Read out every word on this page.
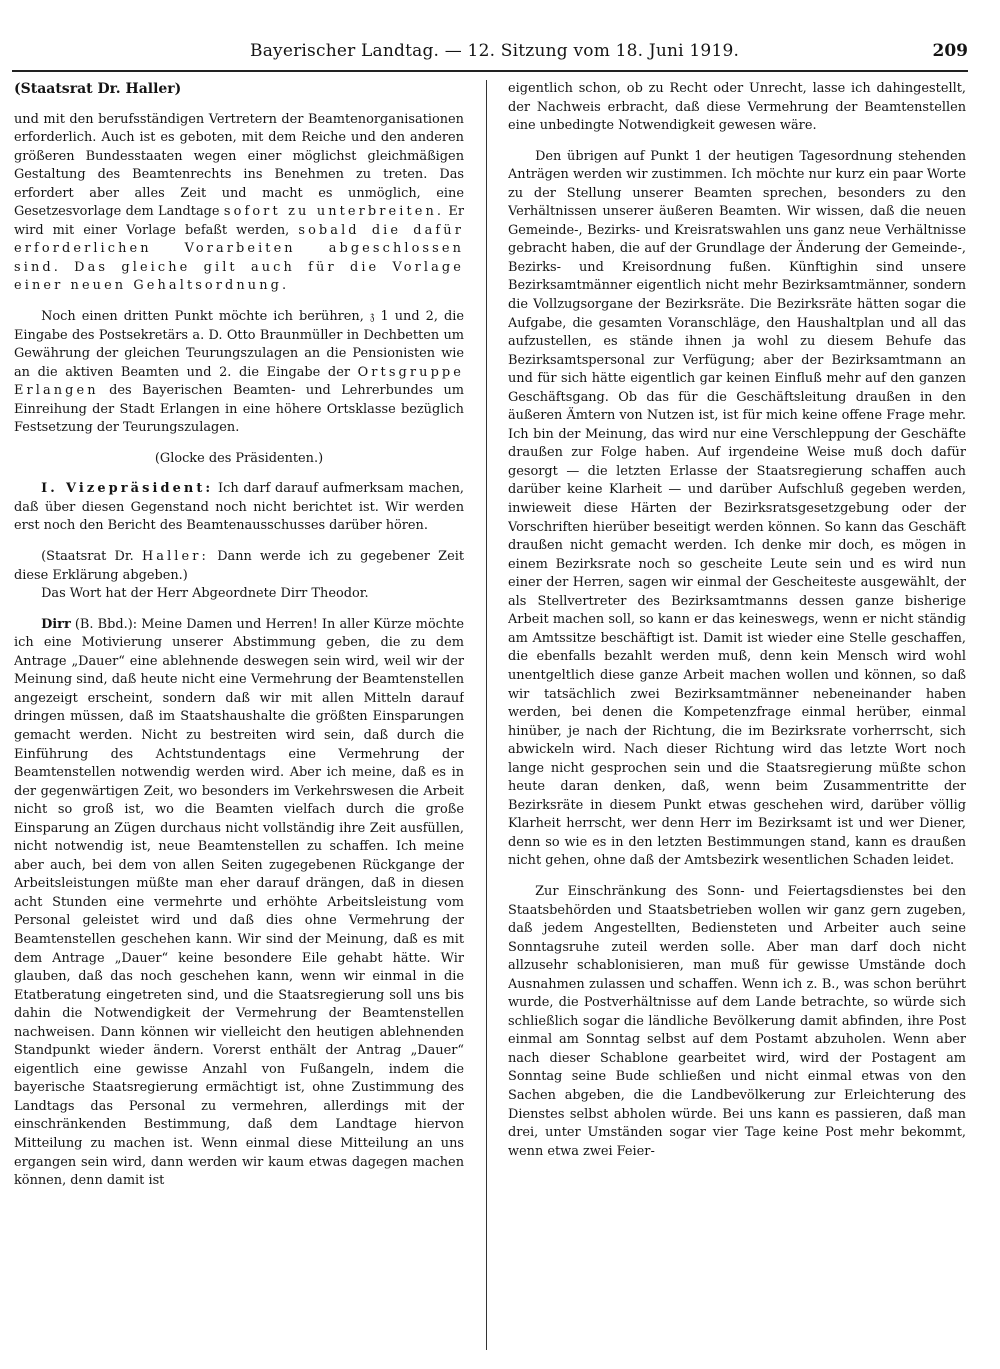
Bayerischer Landtag. — 12. Sitzung vom 18. Juni 1919.	209

(Staatsrat Dr. Haller)

und mit den berufsständigen Vertretern der Beamtenorganisationen erforderlich. Auch ist es geboten, mit dem Reiche und den anderen größeren Bundesstaaten wegen einer möglichst gleichmäßigen Gestaltung des Beamtenrechts ins Benehmen zu treten. Das erfordert aber alles Zeit und macht es unmöglich, eine Gesetzesvorlage dem Landtage sofort zu unterbreiten. Er wird mit einer Vorlage befaßt werden, sobald die dafür erforderlichen Vorarbeiten abgeschlossen sind. Das gleiche gilt auch für die Vorlage einer neuen Gehaltsordnung.

Noch einen dritten Punkt möchte ich berühren, 𝔷 1 und 2, die Eingabe des Postsekretärs a. D. Otto Braunmüller in Dechbetten um Gewährung der gleichen Teurungszulagen an die Pensionisten wie an die aktiven Beamten und 2. die Eingabe der Ortsgruppe Erlangen des Bayerischen Beamten- und Lehrerbundes um Einreihung der Stadt Erlangen in eine höhere Ortsklasse bezüglich Festsetzung der Teurungszulagen.

(Glocke des Präsidenten.)

I. Vizepräsident: Ich darf darauf aufmerksam machen, daß über diesen Gegenstand noch nicht berichtet ist. Wir werden erst noch den Bericht des Beamtenausschusses darüber hören.

(Staatsrat Dr. Haller: Dann werde ich zu gegebener Zeit diese Erklärung abgeben.)

Das Wort hat der Herr Abgeordnete Dirr Theodor.

Dirr (B. Bbd.): Meine Damen und Herren! In aller Kürze möchte ich eine Motivierung unserer Abstimmung geben, die zu dem Antrage „Dauer“ eine ablehnende deswegen sein wird, weil wir der Meinung sind, daß heute nicht eine Vermehrung der Beamtenstellen angezeigt erscheint, sondern daß wir mit allen Mitteln darauf dringen müssen, daß im Staatshaushalte die größten Einsparungen gemacht werden. Nicht zu bestreiten wird sein, daß durch die Einführung des Achtstundentags eine Vermehrung der Beamtenstellen notwendig werden wird. Aber ich meine, daß es in der gegenwärtigen Zeit, wo besonders im Verkehrswesen die Arbeit nicht so groß ist, wo die Beamten vielfach durch die große Einsparung an Zügen durchaus nicht vollständig ihre Zeit ausfüllen, nicht notwendig ist, neue Beamtenstellen zu schaffen. Ich meine aber auch, bei dem von allen Seiten zugegebenen Rückgange der Arbeitsleistungen müßte man eher darauf drängen, daß in diesen acht Stunden eine vermehrte und erhöhte Arbeitsleistung vom Personal geleistet wird und daß dies ohne Vermehrung der Beamtenstellen geschehen kann. Wir sind der Meinung, daß es mit dem Antrage „Dauer“ keine besondere Eile gehabt hätte. Wir glauben, daß das noch geschehen kann, wenn wir einmal in die Etatberatung eingetreten sind, und die Staatsregierung soll uns bis dahin die Notwendigkeit der Vermehrung der Beamtenstellen nachweisen. Dann können wir vielleicht den heutigen ablehnenden Standpunkt wieder ändern. Vorerst enthält der Antrag „Dauer“ eigentlich eine gewisse Anzahl von Fußangeln, indem die bayerische Staatsregierung ermächtigt ist, ohne Zustimmung des Landtags das Personal zu vermehren, allerdings mit der einschränkenden Bestimmung, daß dem Landtage hiervon Mitteilung zu machen ist. Wenn einmal diese Mitteilung an uns ergangen sein wird, dann werden wir kaum etwas dagegen machen können, denn damit ist

eigentlich schon, ob zu Recht oder Unrecht, lasse ich dahingestellt, der Nachweis erbracht, daß diese Vermehrung der Beamtenstellen eine unbedingte Notwendigkeit gewesen wäre.

Den übrigen auf Punkt 1 der heutigen Tagesordnung stehenden Anträgen werden wir zustimmen. Ich möchte nur kurz ein paar Worte zu der Stellung unserer Beamten sprechen, besonders zu den Verhältnissen unserer äußeren Beamten. Wir wissen, daß die neuen Gemeinde-, Bezirks- und Kreisratswahlen uns ganz neue Verhältnisse gebracht haben, die auf der Grundlage der Änderung der Gemeinde-, Bezirks- und Kreisordnung fußen. Künftighin sind unsere Bezirksamtmänner eigentlich nicht mehr Bezirksamtmänner, sondern die Vollzugsorgane der Bezirksräte. Die Bezirksräte hätten sogar die Aufgabe, die gesamten Voranschläge, den Haushaltplan und all das aufzustellen, es stände ihnen ja wohl zu diesem Behufe das Bezirksamtspersonal zur Verfügung; aber der Bezirksamtmann an und für sich hätte eigentlich gar keinen Einfluß mehr auf den ganzen Geschäftsgang. Ob das für die Geschäftsleitung draußen in den äußeren Ämtern von Nutzen ist, ist für mich keine offene Frage mehr. Ich bin der Meinung, das wird nur eine Verschleppung der Geschäfte draußen zur Folge haben. Auf irgendeine Weise muß doch dafür gesorgt — die letzten Erlasse der Staatsregierung schaffen auch darüber keine Klarheit — und darüber Aufschluß gegeben werden, inwieweit diese Härten der Bezirksratsgesetzgebung oder der Vorschriften hierüber beseitigt werden können. So kann das Geschäft draußen nicht gemacht werden. Ich denke mir doch, es mögen in einem Bezirksrate noch so gescheite Leute sein und es wird nun einer der Herren, sagen wir einmal der Gescheiteste ausgewählt, der als Stellvertreter des Bezirksamtmanns dessen ganze bisherige Arbeit machen soll, so kann er das keineswegs, wenn er nicht ständig am Amtssitze beschäftigt ist. Damit ist wieder eine Stelle geschaffen, die ebenfalls bezahlt werden muß, denn kein Mensch wird wohl unentgeltlich diese ganze Arbeit machen wollen und können, so daß wir tatsächlich zwei Bezirksamtmänner nebeneinander haben werden, bei denen die Kompetenzfrage einmal herüber, einmal hinüber, je nach der Richtung, die im Bezirksrate vorherrscht, sich abwickeln wird. Nach dieser Richtung wird das letzte Wort noch lange nicht gesprochen sein und die Staatsregierung müßte schon heute daran denken, daß, wenn beim Zusammentritte der Bezirksräte in diesem Punkt etwas geschehen wird, darüber völlig Klarheit herrscht, wer denn Herr im Bezirksamt ist und wer Diener, denn so wie es in den letzten Bestimmungen stand, kann es draußen nicht gehen, ohne daß der Amtsbezirk wesentlichen Schaden leidet.

Zur Einschränkung des Sonn- und Feiertagsdienstes bei den Staatsbehörden und Staatsbetrieben wollen wir ganz gern zugeben, daß jedem Angestellten, Bediensteten und Arbeiter auch seine Sonntagsruhe zuteil werden solle. Aber man darf doch nicht allzusehr schablonisieren, man muß für gewisse Umstände doch Ausnahmen zulassen und schaffen. Wenn ich z. B., was schon berührt wurde, die Postverhältnisse auf dem Lande betrachte, so würde sich schließlich sogar die ländliche Bevölkerung damit abfinden, ihre Post einmal am Sonntag selbst auf dem Postamt abzuholen. Wenn aber nach dieser Schablone gearbeitet wird, wird der Postagent am Sonntag seine Bude schließen und nicht einmal etwas von den Sachen abgeben, die die Landbevölkerung zur Erleichterung des Dienstes selbst abholen würde. Bei uns kann es passieren, daß man drei, unter Umständen sogar vier Tage keine Post mehr bekommt, wenn etwa zwei Feier-
